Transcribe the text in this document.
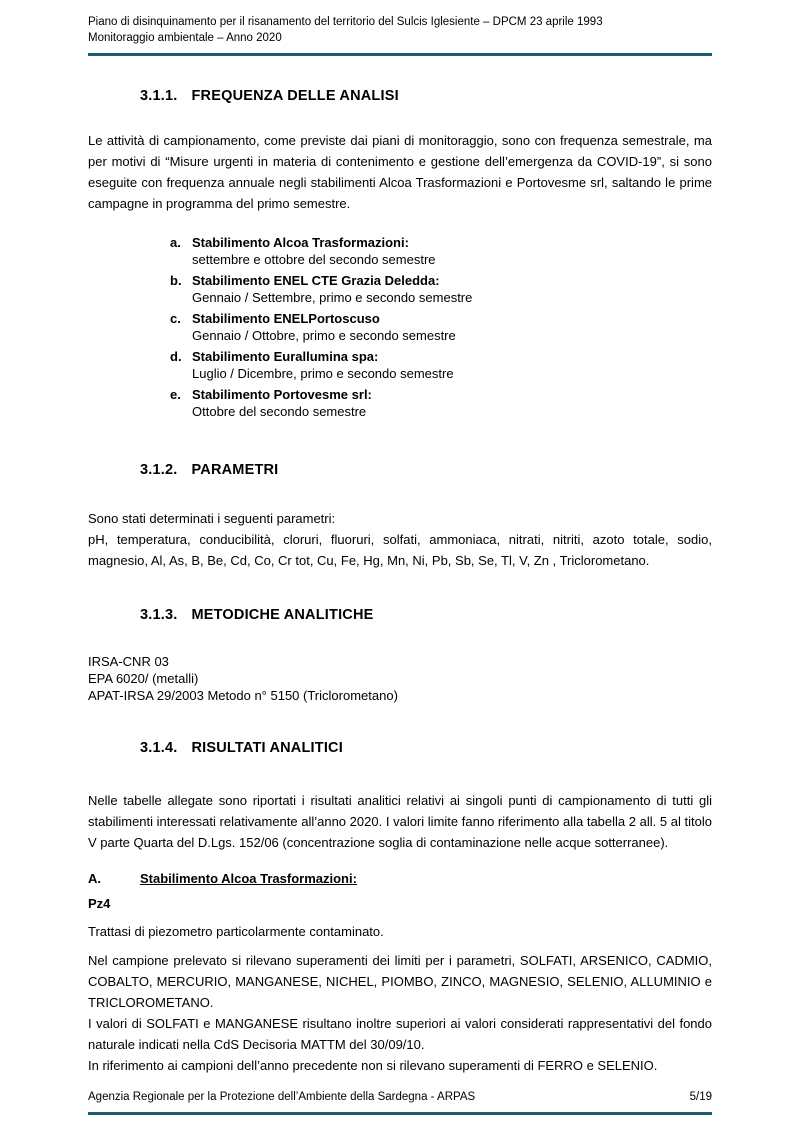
Piano di disinquinamento per il risanamento del territorio del Sulcis Iglesiente – DPCM 23 aprile 1993
Monitoraggio ambientale – Anno 2020
3.1.1. FREQUENZA DELLE ANALISI

Le attività di campionamento, come previste dai piani di monitoraggio, sono con frequenza semestrale, ma per motivi di “Misure urgenti in materia di contenimento e gestione dell’emergenza da COVID-19”, si sono eseguite con frequenza annuale negli stabilimenti Alcoa Trasformazioni e Portovesme srl, saltando le prime campagne in programma del primo semestre.

a. Stabilimento Alcoa Trasformazioni:
settembre e ottobre del secondo semestre
b. Stabilimento ENEL CTE Grazia Deledda:
Gennaio / Settembre, primo e secondo semestre
c. Stabilimento ENELPortoscuso
Gennaio / Ottobre, primo e secondo semestre
d. Stabilimento Eurallumina spa:
Luglio / Dicembre, primo e secondo semestre
e. Stabilimento Portovesme srl:
Ottobre del secondo semestre
3.1.2. PARAMETRI

Sono stati determinati i seguenti parametri:

pH, temperatura, conducibilità, cloruri, fluoruri, solfati, ammoniaca, nitrati, nitriti, azoto totale, sodio, magnesio, Al, As, B, Be, Cd, Co, Cr tot, Cu, Fe, Hg, Mn, Ni, Pb, Sb, Se, Tl, V, Zn , Triclorometano.

3.1.3. METODICHE ANALITICHE
IRSA-CNR 03
EPA 6020/ (metalli)
APAT-IRSA 29/2003 Metodo n° 5150 (Triclorometano)
3.1.4. RISULTATI ANALITICI

Nelle tabelle allegate sono riportati i risultati analitici relativi ai singoli punti di campionamento di tutti gli stabilimenti interessati relativamente all’anno 2020. I valori limite fanno riferimento alla tabella 2 all. 5 al titolo V parte Quarta del D.Lgs. 152/06 (concentrazione soglia di contaminazione nelle acque sotterranee).

A.	Stabilimento Alcoa Trasformazioni:
Pz4

Trattasi di piezometro particolarmente contaminato.

Nel campione prelevato si rilevano superamenti dei limiti per i parametri, SOLFATI, ARSENICO, CADMIO, COBALTO, MERCURIO, MANGANESE, NICHEL, PIOMBO, ZINCO, MAGNESIO, SELENIO, ALLUMINIO e TRICLOROMETANO.

I valori di SOLFATI e MANGANESE risultano inoltre superiori ai valori considerati rappresentativi del fondo naturale indicati nella CdS Decisoria MATTM del 30/09/10.

In riferimento ai campioni dell’anno precedente non si rilevano superamenti di FERRO e SELENIO.

Agenzia Regionale per la Protezione dell’Ambiente della Sardegna - ARPAS	5/19
